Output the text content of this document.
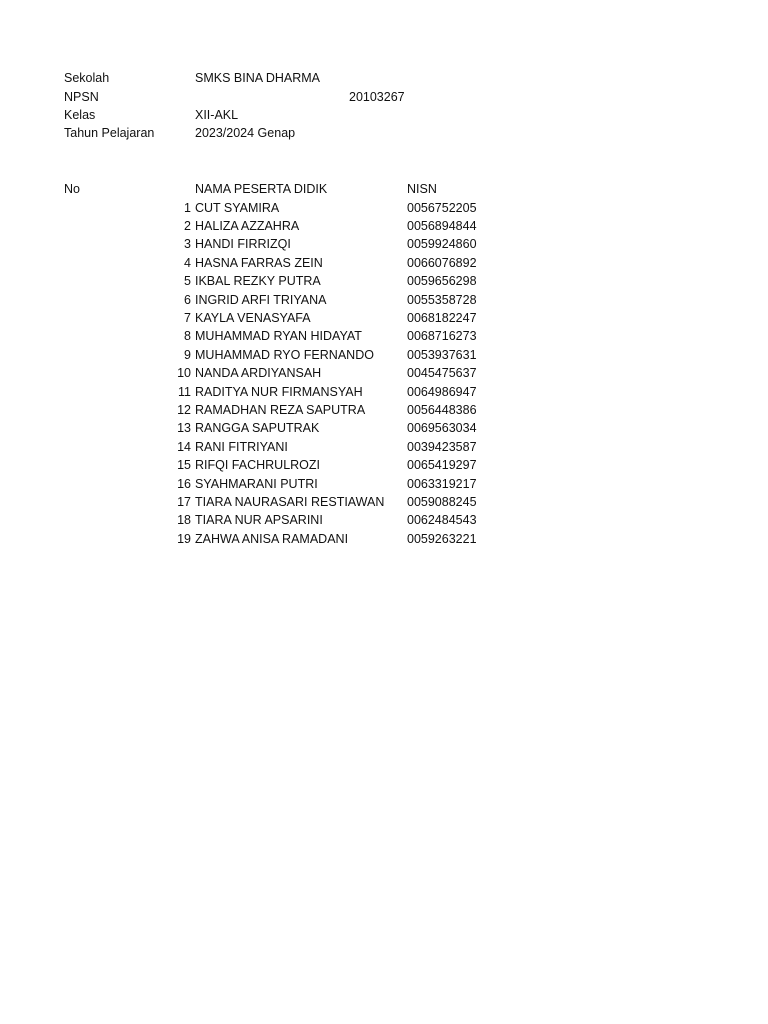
Sekolah	SMKS BINA DHARMA
NPSN	20103267
Kelas	XII-AKL
Tahun Pelajaran	2023/2024 Genap
No	NAMA PESERTA DIDIK	NISN
1 CUT SYAMIRA	0056752205
2 HALIZA AZZAHRA	0056894844
3 HANDI FIRRIZQI	0059924860
4 HASNA FARRAS ZEIN	0066076892
5 IKBAL REZKY PUTRA	0059656298
6 INGRID ARFI TRIYANA	0055358728
7 KAYLA VENASYAFA	0068182247
8 MUHAMMAD RYAN HIDAYAT	0068716273
9 MUHAMMAD RYO FERNANDO	0053937631
10 NANDA ARDIYANSAH	0045475637
11 RADITYA NUR FIRMANSYAH	0064986947
12 RAMADHAN REZA SAPUTRA	0056448386
13 RANGGA SAPUTRAK	0069563034
14 RANI FITRIYANI	0039423587
15 RIFQI FACHRULROZI	0065419297
16 SYAHMARANI PUTRI	0063319217
17 TIARA NAURASARI RESTIAWAN 0059088245
18 TIARA NUR APSARINI	0062484543
19 ZAHWA ANISA RAMADANI	0059263221
